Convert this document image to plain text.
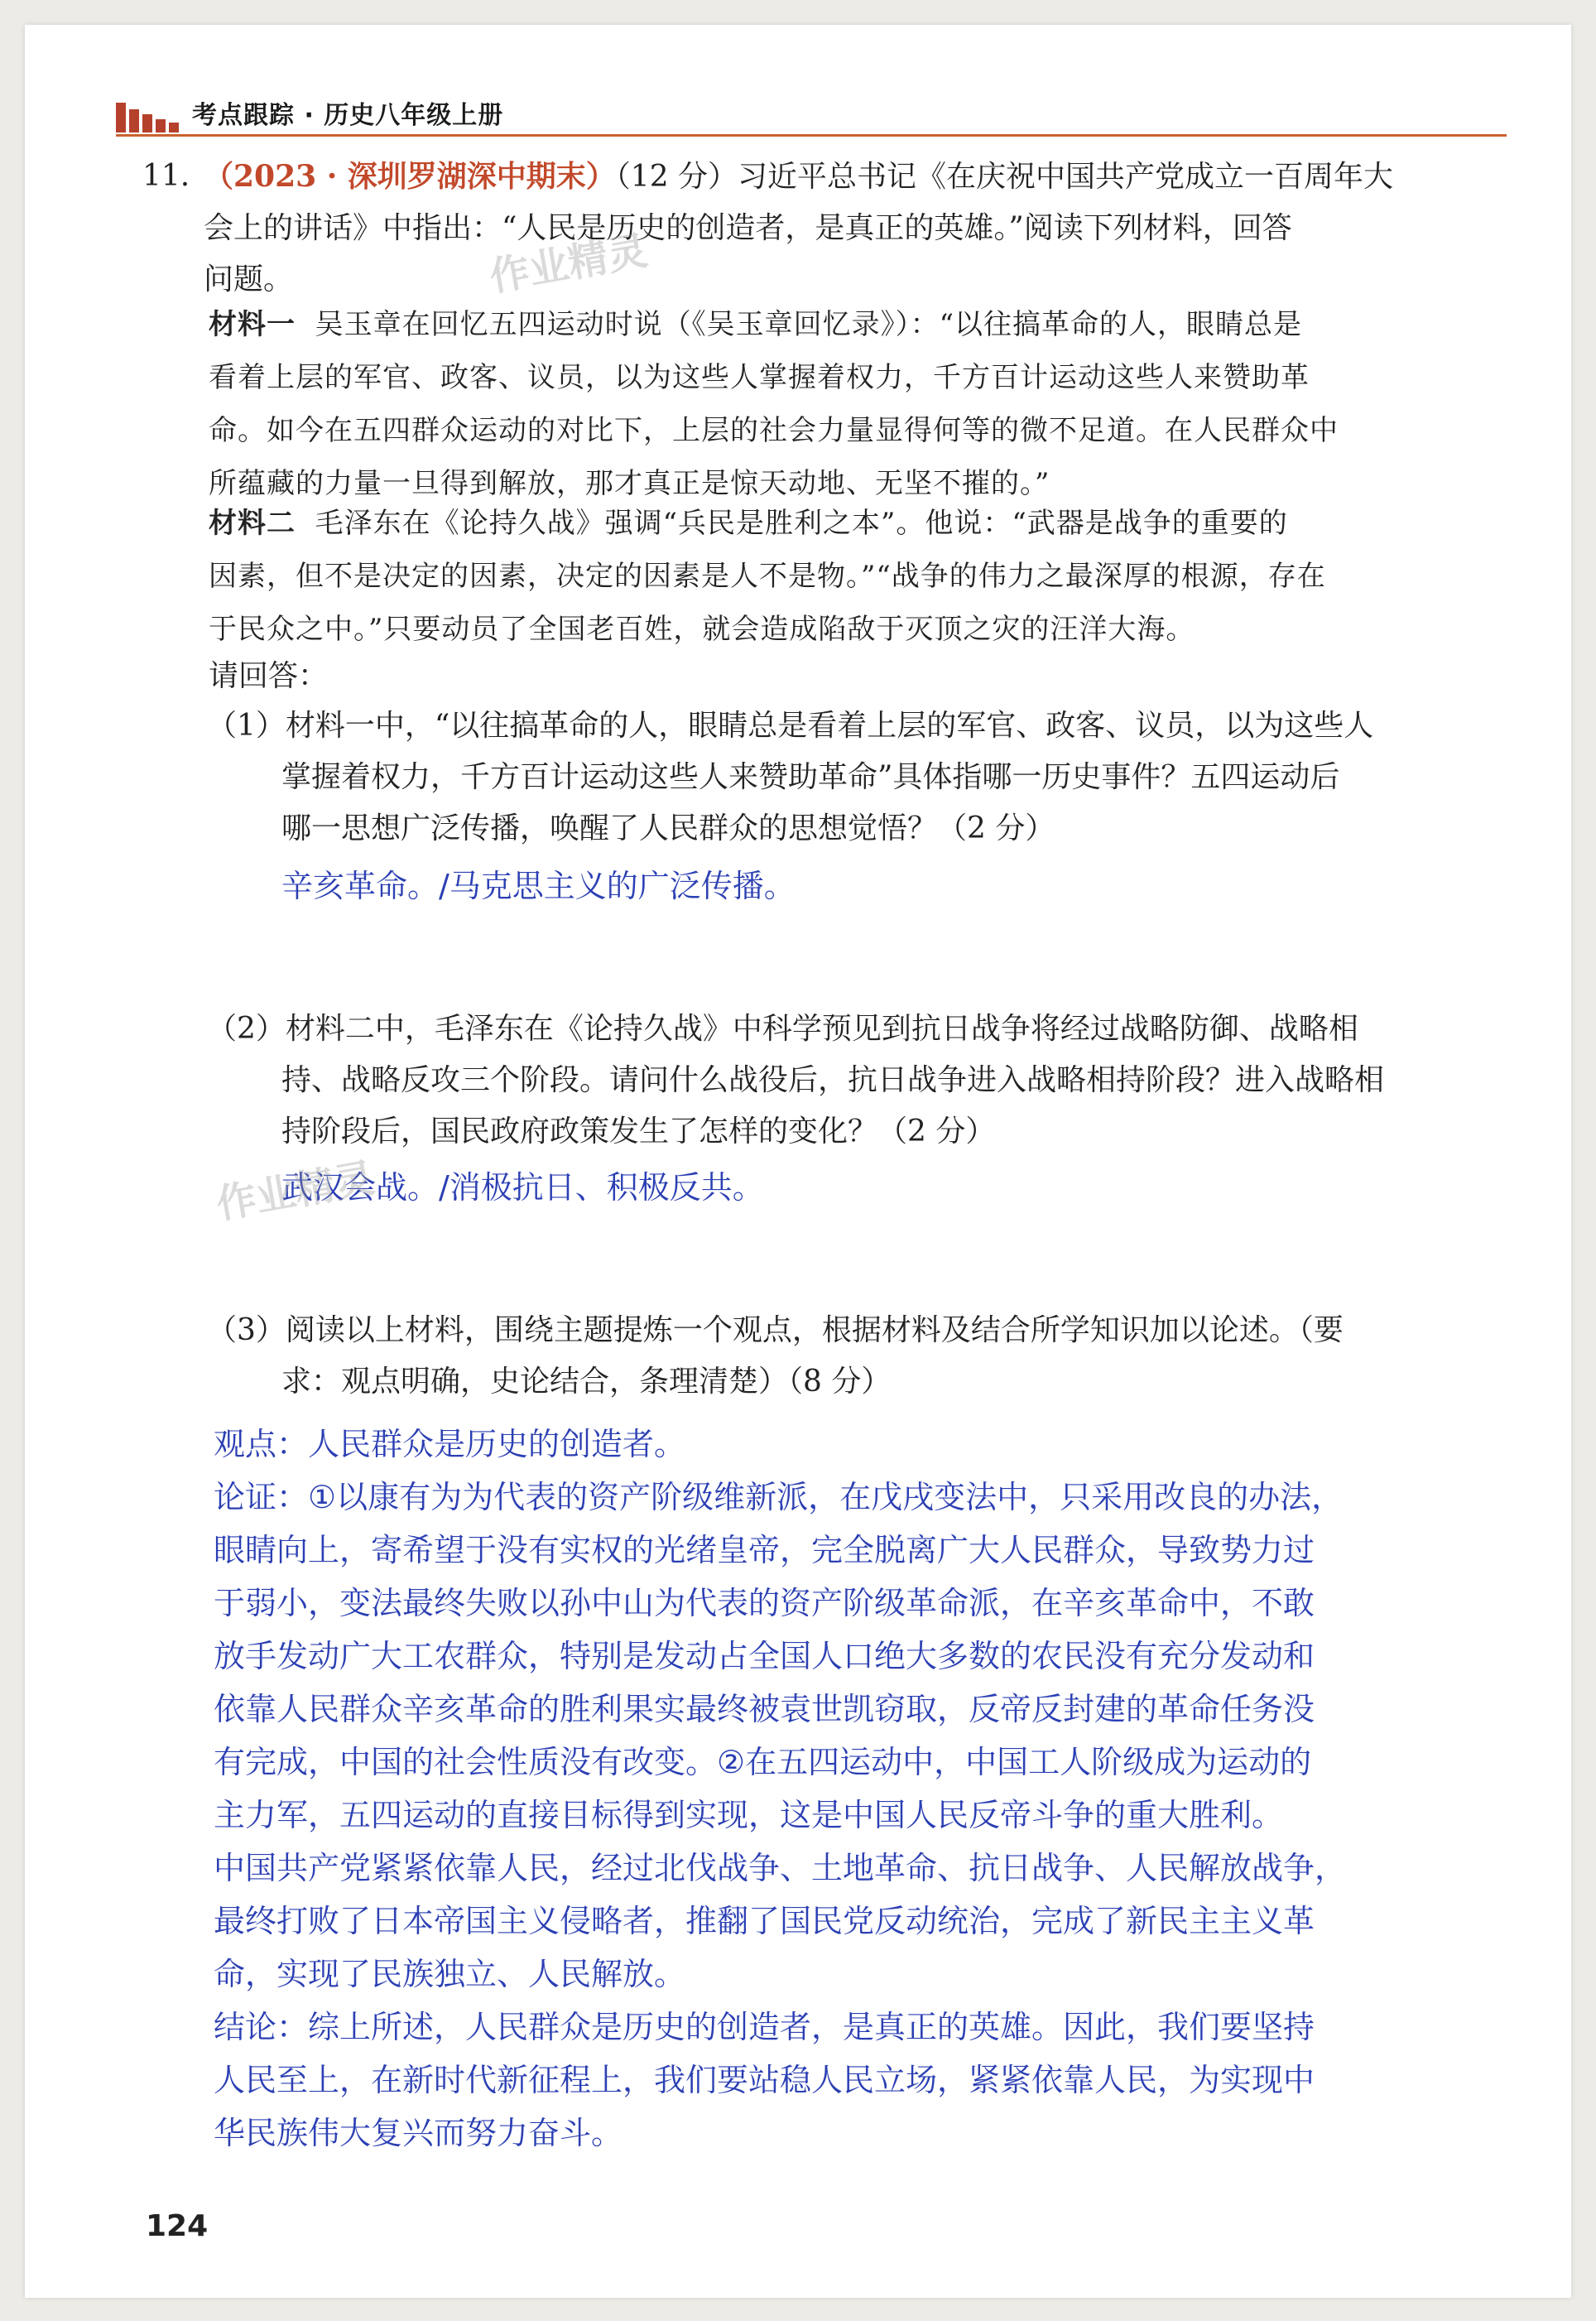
考点跟踪 · 历史八年级上册
11. （2023 · 深圳罗湖深中期末）（12 分）习近平总书记《在庆祝中国共产党成立一百周年大
会上的讲话》中指出：“人民是历史的创造者，是真正的英雄。”阅读下列材料，回答
问题。
材料一 吴玉章在回忆五四运动时说（《吴玉章回忆录》）：“以往搞革命的人，眼睛总是
看着上层的军官、政客、议员，以为这些人掌握着权力，千方百计运动这些人来赞助革
命。如今在五四群众运动的对比下，上层的社会力量显得何等的微不足道。在人民群众中
所蕴藏的力量一旦得到解放，那才真正是惊天动地、无坚不摧的。”
材料二 毛泽东在《论持久战》强调“兵民是胜利之本”。他说：“武器是战争的重要的
因素，但不是决定的因素，决定的因素是人不是物。”“战争的伟力之最深厚的根源，存在
于民众之中。”只要动员了全国老百姓，就会造成陷敌于灭顶之灾的汪洋大海。
请回答：
（1）材料一中，“以往搞革命的人，眼睛总是看着上层的军官、政客、议员，以为这些人
掌握着权力，千方百计运动这些人来赞助革命”具体指哪一历史事件？五四运动后
哪一思想广泛传播，唤醒了人民群众的思想觉悟？（2 分）
辛亥革命。/马克思主义的广泛传播。
（2）材料二中，毛泽东在《论持久战》中科学预见到抗日战争将经过战略防御、战略相
持、战略反攻三个阶段。请问什么战役后，抗日战争进入战略相持阶段？进入战略相
持阶段后，国民政府政策发生了怎样的变化？（2 分）
武汉会战。/消极抗日、积极反共。
（3）阅读以上材料，围绕主题提炼一个观点，根据材料及结合所学知识加以论述。（要
求：观点明确，史论结合，条理清楚）（8 分）
观点：人民群众是历史的创造者。
论证：①以康有为为代表的资产阶级维新派，在戊戌变法中，只采用改良的办法，
眼睛向上，寄希望于没有实权的光绪皇帝，完全脱离广大人民群众，导致势力过
于弱小，变法最终失败以孙中山为代表的资产阶级革命派，在辛亥革命中，不敢
放手发动广大工农群众，特别是发动占全国人口绝大多数的农民没有充分发动和
依靠人民群众辛亥革命的胜利果实最终被袁世凯窃取，反帝反封建的革命任务没
有完成，中国的社会性质没有改变。②在五四运动中，中国工人阶级成为运动的
主力军，五四运动的直接目标得到实现，这是中国人民反帝斗争的重大胜利。
中国共产党紧紧依靠人民，经过北伐战争、土地革命、抗日战争、人民解放战争，
最终打败了日本帝国主义侵略者，推翻了国民党反动统治，完成了新民主主义革
命，实现了民族独立、人民解放。
结论：综上所述，人民群众是历史的创造者，是真正的英雄。因此，我们要坚持
人民至上，在新时代新征程上，我们要站稳人民立场，紧紧依靠人民，为实现中
华民族伟大复兴而努力奋斗。
作业精灵
作业精灵
124
